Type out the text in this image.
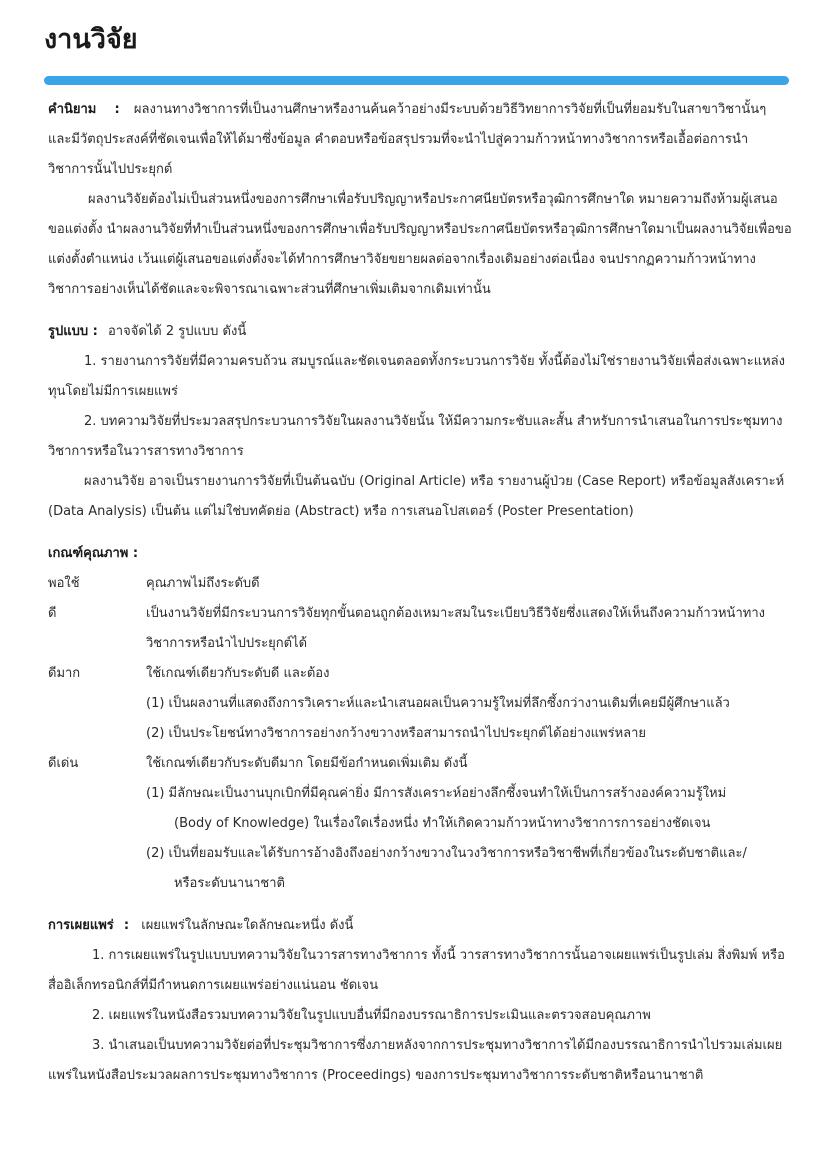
งานวิจัย

คำนิยาม : ผลงานทางวิชาการที่เป็นงานศึกษาหรืองานค้นคว้าอย่างมีระบบด้วยวิธีวิทยาการวิจัยที่เป็นที่ยอมรับในสาขาวิชานั้นๆ และมีวัตถุประสงค์ที่ชัดเจนเพื่อให้ได้มาซึ่งข้อมูล คำตอบหรือข้อสรุปรวมที่จะนำไปสู่ความก้าวหน้าทางวิชาการหรือเอื้อต่อการนำวิชาการนั้นไปประยุกต์

ผลงานวิจัยต้องไม่เป็นส่วนหนึ่งของการศึกษาเพื่อรับปริญญาหรือประกาศนียบัตรหรือวุฒิการศึกษาใด หมายความถึงห้ามผู้เสนอขอแต่งตั้ง นำผลงานวิจัยที่ทำเป็นส่วนหนึ่งของการศึกษาเพื่อรับปริญญาหรือประกาศนียบัตรหรือวุฒิการศึกษาใดมาเป็นผลงานวิจัยเพื่อขอแต่งตั้งตำแหน่ง เว้นแต่ผู้เสนอขอแต่งตั้งจะได้ทำการศึกษาวิจัยขยายผลต่อจากเรื่องเดิมอย่างต่อเนื่อง จนปรากฏความก้าวหน้าทางวิชาการอย่างเห็นได้ชัดและจะพิจารณาเฉพาะส่วนที่ศึกษาเพิ่มเติมจากเดิมเท่านั้น

รูปแบบ : อาจจัดได้ 2 รูปแบบ ดังนี้

1. รายงานการวิจัยที่มีความครบถ้วน สมบูรณ์และชัดเจนตลอดทั้งกระบวนการวิจัย ทั้งนี้ต้องไม่ใช่รายงานวิจัยเพื่อส่งเฉพาะแหล่งทุนโดยไม่มีการเผยแพร่

2. บทความวิจัยที่ประมวลสรุปกระบวนการวิจัยในผลงานวิจัยนั้น ให้มีความกระชับและสั้น สำหรับการนำเสนอในการประชุมทางวิชาการหรือในวารสารทางวิชาการ

ผลงานวิจัย อาจเป็นรายงานการวิจัยที่เป็นต้นฉบับ (Original Article) หรือ รายงานผู้ป่วย (Case Report) หรือข้อมูลสังเคราะห์ (Data Analysis) เป็นต้น แต่ไม่ใช่บทคัดย่อ (Abstract) หรือ การเสนอโปสเตอร์ (Poster Presentation)

เกณฑ์คุณภาพ :

พอใช้	คุณภาพไม่ถึงระดับดี
ดี	เป็นงานวิจัยที่มีกระบวนการวิจัยทุกขั้นตอนถูกต้องเหมาะสมในระเบียบวิธีวิจัยซึ่งแสดงให้เห็นถึงความก้าวหน้าทางวิชาการหรือนำไปประยุกต์ได้
ดีมาก	ใช้เกณฑ์เดียวกับระดับดี และต้อง
(1) เป็นผลงานที่แสดงถึงการวิเคราะห์และนำเสนอผลเป็นความรู้ใหม่ที่ลึกซึ้งกว่างานเดิมที่เคยมีผู้ศึกษาแล้ว
(2) เป็นประโยชน์ทางวิชาการอย่างกว้างขวางหรือสามารถนำไปประยุกต์ได้อย่างแพร่หลาย
ดีเด่น	ใช้เกณฑ์เดียวกับระดับดีมาก โดยมีข้อกำหนดเพิ่มเติม ดังนี้
(1) มีลักษณะเป็นงานบุกเบิกที่มีคุณค่ายิ่ง มีการสังเคราะห์อย่างลึกซึ้งจนทำให้เป็นการสร้างองค์ความรู้ใหม่
(Body of Knowledge) ในเรื่องใดเรื่องหนึ่ง ทำให้เกิดความก้าวหน้าทางวิชาการการอย่างชัดเจน
(2) เป็นที่ยอมรับและได้รับการอ้างอิงถึงอย่างกว้างขวางในวงวิชาการหรือวิชาชีพที่เกี่ยวข้องในระดับชาติและ/
หรือระดับนานาชาติ

การเผยแพร่ : เผยแพร่ในลักษณะใดลักษณะหนึ่ง ดังนี้

1. การเผยแพร่ในรูปแบบบทความวิจัยในวารสารทางวิชาการ ทั้งนี้ วารสารทางวิชาการนั้นอาจเผยแพร่เป็นรูปเล่ม สิ่งพิมพ์ หรือ สื่ออิเล็กทรอนิกส์ที่มีกำหนดการเผยแพร่อย่างแน่นอน ชัดเจน

2. เผยแพร่ในหนังสือรวมบทความวิจัยในรูปแบบอื่นที่มีกองบรรณาธิการประเมินและตรวจสอบคุณภาพ

3. นำเสนอเป็นบทความวิจัยต่อที่ประชุมวิชาการซึ่งภายหลังจากการประชุมทางวิชาการได้มีกองบรรณาธิการนำไปรวมเล่มเผยแพร่ในหนังสือประมวลผลการประชุมทางวิชาการ (Proceedings) ของการประชุมทางวิชาการระดับชาติหรือนานาชาติ
